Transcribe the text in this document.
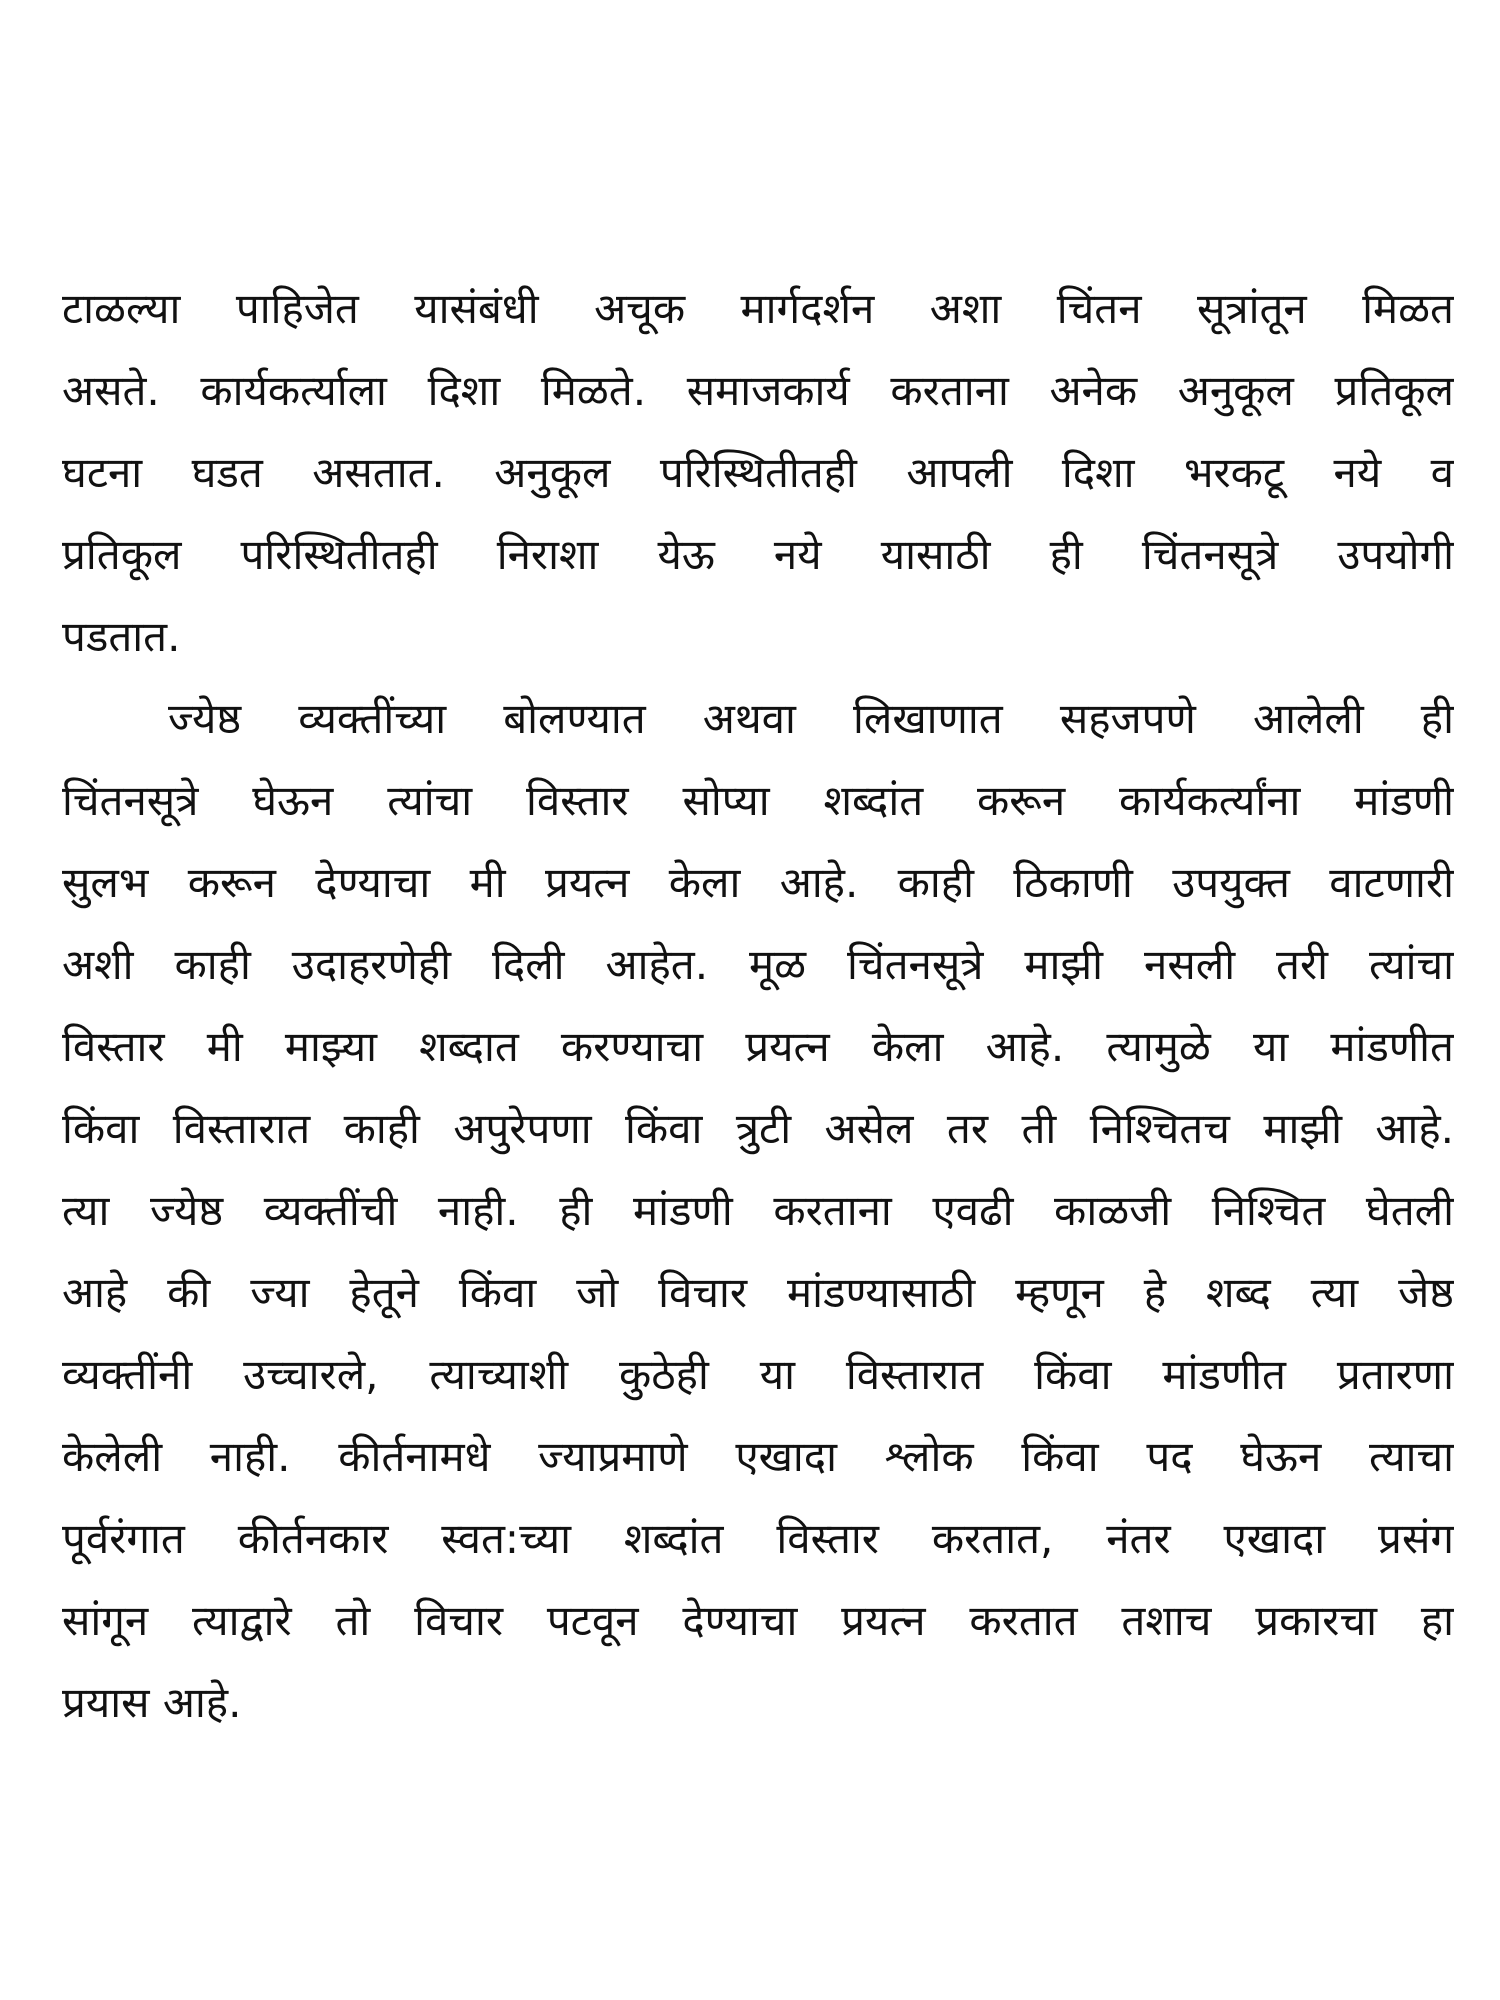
टाळल्या पाहिजेत यासंबंधी अचूक मार्गदर्शन अशा चिंतन सूत्रांतून मिळत
असते. कार्यकर्त्याला दिशा मिळते. समाजकार्य करताना अनेक अनुकूल प्रतिकूल
घटना घडत असतात. अनुकूल परिस्थितीतही आपली दिशा भरकटू नये व
प्रतिकूल परिस्थितीतही निराशा येऊ नये यासाठी ही चिंतनसूत्रे उपयोगी
पडतात.

ज्येष्ठ व्यक्तींच्या बोलण्यात अथवा लिखाणात सहजपणे आलेली ही
चिंतनसूत्रे घेऊन त्यांचा विस्तार सोप्या शब्दांत करून कार्यकर्त्यांना मांडणी
सुलभ करून देण्याचा मी प्रयत्न केला आहे. काही ठिकाणी उपयुक्त वाटणारी
अशी काही उदाहरणेही दिली आहेत. मूळ चिंतनसूत्रे माझी नसली तरी त्यांचा
विस्तार मी माझ्या शब्दात करण्याचा प्रयत्न केला आहे. त्यामुळे या मांडणीत
किंवा विस्तारात काही अपुरेपणा किंवा त्रुटी असेल तर ती निश्चितच माझी आहे.
त्या ज्येष्ठ व्यक्तींची नाही. ही मांडणी करताना एवढी काळजी निश्चित घेतली
आहे की ज्या हेतूने किंवा जो विचार मांडण्यासाठी म्हणून हे शब्द त्या जेष्ठ
व्यक्तींनी उच्चारले, त्याच्याशी कुठेही या विस्तारात किंवा मांडणीत प्रतारणा
केलेली नाही. कीर्तनामधे ज्याप्रमाणे एखादा श्लोक किंवा पद घेऊन त्याचा
पूर्वरंगात कीर्तनकार स्वत:च्या शब्दांत विस्तार करतात, नंतर एखादा प्रसंग
सांगून त्याद्वारे तो विचार पटवून देण्याचा प्रयत्न करतात तशाच प्रकारचा हा
प्रयास आहे.
